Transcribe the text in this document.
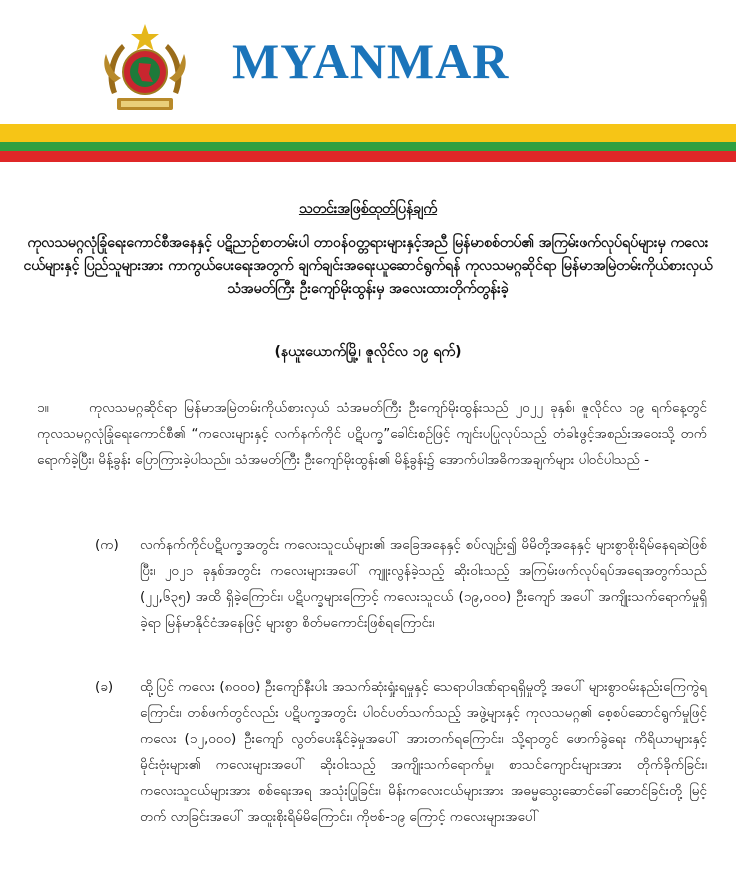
MYANMAR
သတင်းအဖြစ်ထုတ်ပြန်ချက်
ကုလသမဂ္ဂလုံခြုံရေးကောင်စီအနေနှင့် ပဋိညာဉ်စာတမ်းပါ တာဝန်ဝတ္တရားများနှင့်အညီ မြန်မာစစ်တပ်၏ အကြမ်းဖက်လုပ်ရပ်များမှ ကလေးငယ်များနှင့် ပြည်သူများအား ကာကွယ်ပေးရေးအတွက် ချက်ချင်းအရေးယူဆောင်ရွက်ရန် ကုလသမဂ္ဂဆိုင်ရာ မြန်မာအမြဲတမ်းကိုယ်စားလှယ် သံအမတ်ကြီး ဦးကျော်မိုးထွန်းမှ အလေးထားတိုက်တွန်းခဲ့
(နယူးယောက်မြို့၊ ဇူလိုင်လ ၁၉ ရက်)
၁။	ကုလသမဂ္ဂဆိုင်ရာ မြန်မာအမြဲတမ်းကိုယ်စားလှယ် သံအမတ်ကြီး ဦးကျော်မိုးထွန်းသည် ၂၀၂၂ ခုနှစ်၊ ဇူလိုင်လ ၁၉ ရက်နေ့တွင် ကုလသမဂ္ဂလုံခြုံရေးကောင်စီ၏ “ကလေးများနှင့် လက်နက်ကိုင် ပဋိပက္ခ”ခေါင်းစဉ်ဖြင့် ကျင်းပပြုလုပ်သည့် တံခါးဖွင့်အစည်းအဝေးသို့ တက်ရောက်ခဲ့ပြီး၊ မိန့်ခွန်း ပြောကြားခဲ့ပါသည်။ သံအမတ်ကြီး ဦးကျော်မိုးထွန်း၏ မိန့်ခွန်း၌ အောက်ပါအဓိကအချက်များ ပါဝင်ပါသည် -
(က) လက်နက်ကိုင်ပဋိပက္ခအတွင်း ကလေးသူငယ်များ၏ အခြေအနေနှင့် စပ်လျဉ်း၍ မိမိတို့အနေနှင့် များစွာစိုးရိမ်နေရဆဲဖြစ်ပြီး၊ ၂၀၂၁ ခုနှစ်အတွင်း ကလေးများအပေါ် ကျူးလွန်ခဲ့သည့် ဆိုးဝါးသည့် အကြမ်းဖက်လုပ်ရပ်အရေအတွက်သည် (၂၂,၆၃၅) အထိ ရှိခဲ့ကြောင်း၊ ပဋိပက္ခများကြောင့် ကလေးသူငယ် (၁၉,၀၀၀) ဦးကျော် အပေါ် အကျိုးသက်ရောက်မှုရှိခဲ့ရာ မြန်မာနိုင်ငံအနေဖြင့် များစွာ စိတ်မကောင်းဖြစ်ရကြောင်း၊
(ခ) ထို့ပြင် ကလေး (၈၀၀၀) ဦးကျော်နီးပါး အသက်ဆုံးရှုံးရမှုနှင့် သေရာပါဒဏ်ရာရရှိမှုတို့ အပေါ် များစွာဝမ်းနည်းကြေကွဲရကြောင်း၊ တစ်ဖက်တွင်လည်း ပဋိပက္ခအတွင်း ပါဝင်ပတ်သက်သည့် အဖွဲ့များနှင့် ကုလသမဂ္ဂ၏ စေ့စပ်ဆောင်ရွက်မှုဖြင့် ကလေး (၁၂,၀၀၀) ဦးကျော် လွတ်ပေးနိုင်ခဲ့မှုအပေါ် အားတက်ရကြောင်း၊ သို့ရာတွင် ဖောက်ခွဲရေး ကိရိယာများနှင့် မိုင်းဗုံးများ၏ ကလေးများအပေါ် ဆိုးဝါးသည့် အကျိုးသက်ရောက်မှု၊ စာသင်ကျောင်းများအား တိုက်ခိုက်ခြင်း၊ ကလေးသူငယ်များအား စစ်ရေးအရ အသုံးပြုခြင်း၊ မိန်းကလေးငယ်များအား အဓမ္မသွေးဆောင်ခေါ်ဆောင်ခြင်းတို့ မြင့်တက် လာခြင်းအပေါ် အထူးစိုးရိမ်မိကြောင်း၊ ကိုဗစ်-၁၉ ကြောင့် ကလေးများအပေါ်
